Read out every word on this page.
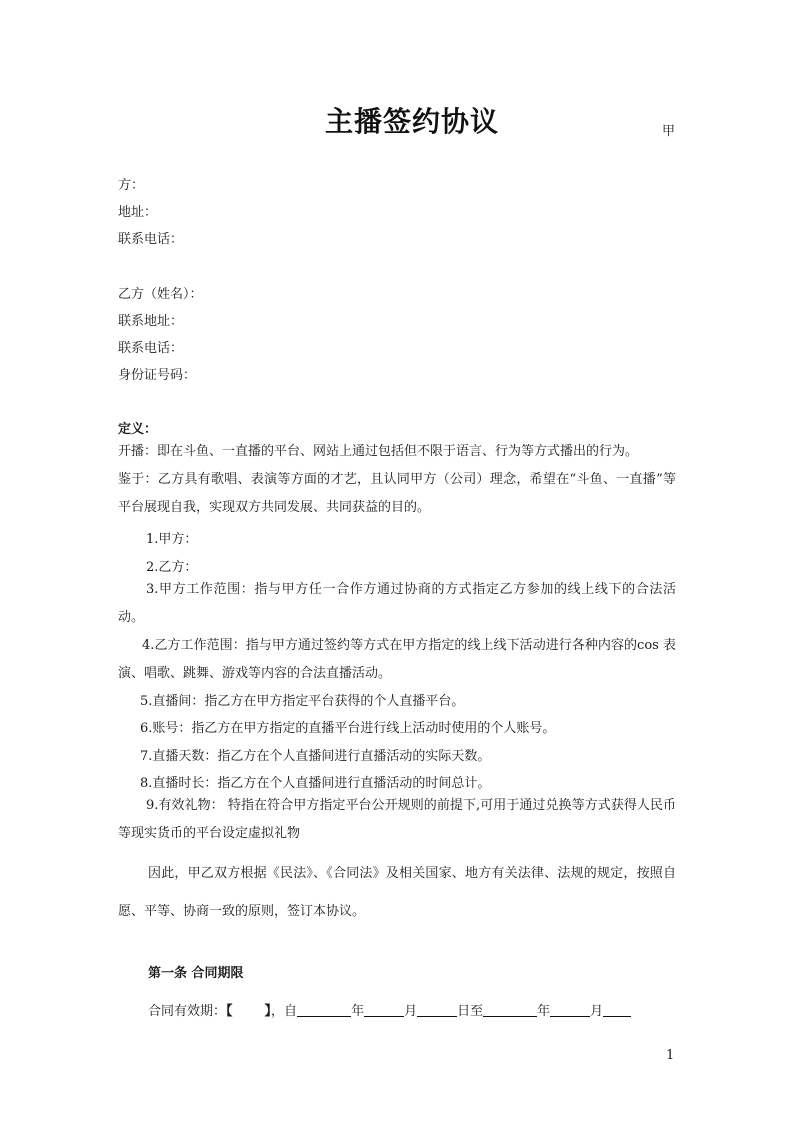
主播签约协议	甲
方：
地址：
联系电话：
乙方（姓名）：
联系地址：
联系电话：
身份证号码：
定义：
开播：即在斗鱼、一直播的平台、网站上通过包括但不限于语言、行为等方式播出的行为。
鉴于：乙方具有歌唱、表演等方面的才艺，且认同甲方（公司）理念，希望在“斗鱼、一直播”等平台展现自我，实现双方共同发展、共同获益的目的。
1.甲方：
2.乙方：
3.甲方工作范围：指与甲方任一合作方通过协商的方式指定乙方参加的线上线下的合法活动。
4.乙方工作范围：指与甲方通过签约等方式在甲方指定的线上线下活动进行各种内容的cos 表演、唱歌、跳舞、游戏等内容的合法直播活动。
5.直播间：指乙方在甲方指定平台获得的个人直播平台。
6.账号：指乙方在甲方指定的直播平台进行线上活动时使用的个人账号。
7.直播天数：指乙方在个人直播间进行直播活动的实际天数。
8.直播时长：指乙方在个人直播间进行直播活动的时间总计。
9.有效礼物： 特指在符合甲方指定平台公开规则的前提下,可用于通过兑换等方式获得人民币等现实货币的平台设定虚拟礼物
因此，甲乙双方根据《民法》、《合同法》及相关国家、地方有关法律、法规的规定，按照自愿、平等、协商一致的原则，签订本协议。
第一条 合同期限
合同有效期：【 】，自	年	月	日至	年	月
1
